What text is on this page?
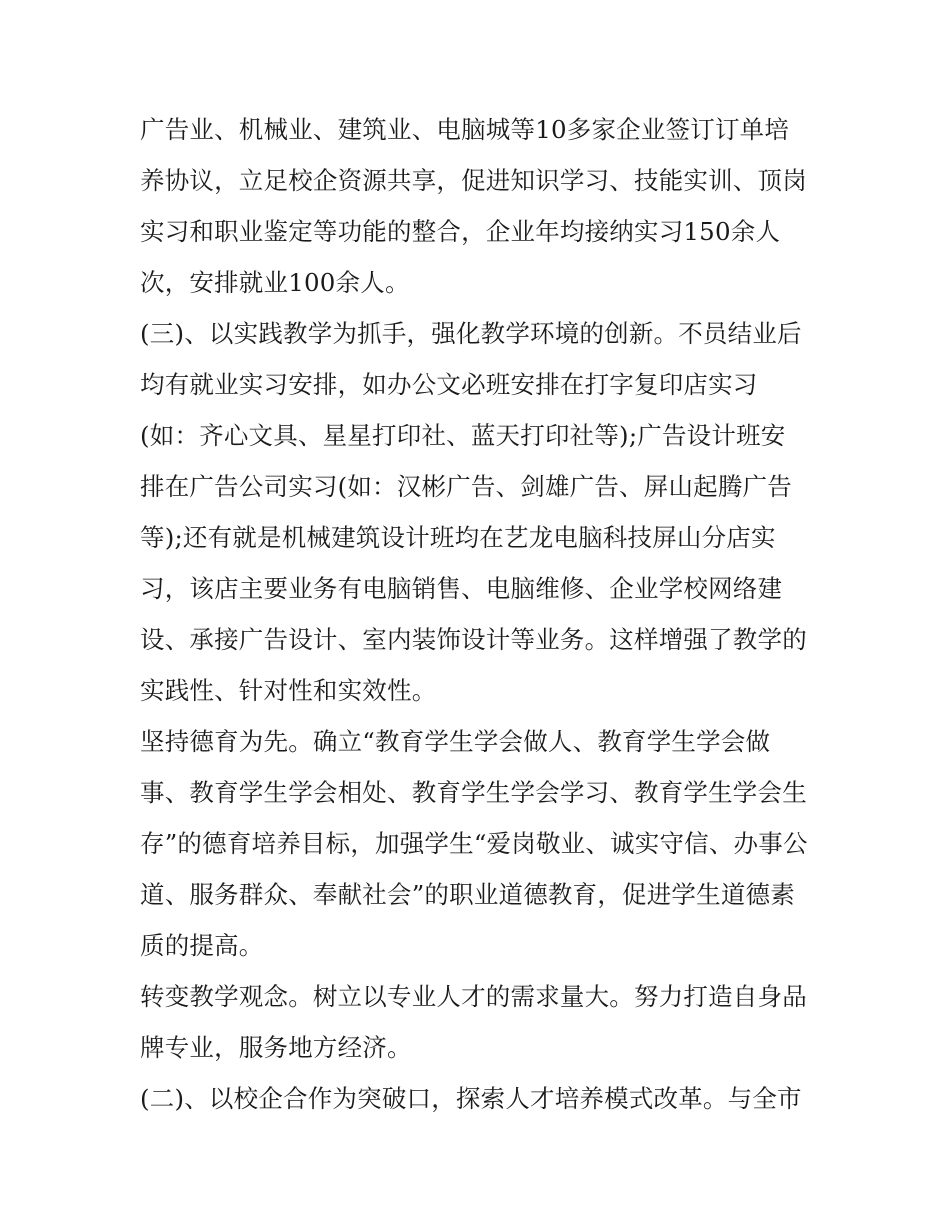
广告业、机械业、建筑业、电脑城等10多家企业签订订单培
养协议，立足校企资源共享，促进知识学习、技能实训、顶岗
实习和职业鉴定等功能的整合，企业年均接纳实习150余人
次，安排就业100余人。
(三)、以实践教学为抓手，强化教学环境的创新。不员结业后
均有就业实习安排，如办公文必班安排在打字复印店实习
(如：齐心文具、星星打印社、蓝天打印社等);广告设计班安
排在广告公司实习(如：汉彬广告、剑雄广告、屏山起腾广告
等);还有就是机械建筑设计班均在艺龙电脑科技屏山分店实
习，该店主要业务有电脑销售、电脑维修、企业学校网络建
设、承接广告设计、室内装饰设计等业务。这样增强了教学的
实践性、针对性和实效性。
坚持德育为先。确立“教育学生学会做人、教育学生学会做
事、教育学生学会相处、教育学生学会学习、教育学生学会生
存”的德育培养目标，加强学生“爱岗敬业、诚实守信、办事公
道、服务群众、奉献社会”的职业道德教育，促进学生道德素
质的提高。
转变教学观念。树立以专业人才的需求量大。努力打造自身品
牌专业，服务地方经济。
(二)、以校企合作为突破口，探索人才培养模式改革。与全市
